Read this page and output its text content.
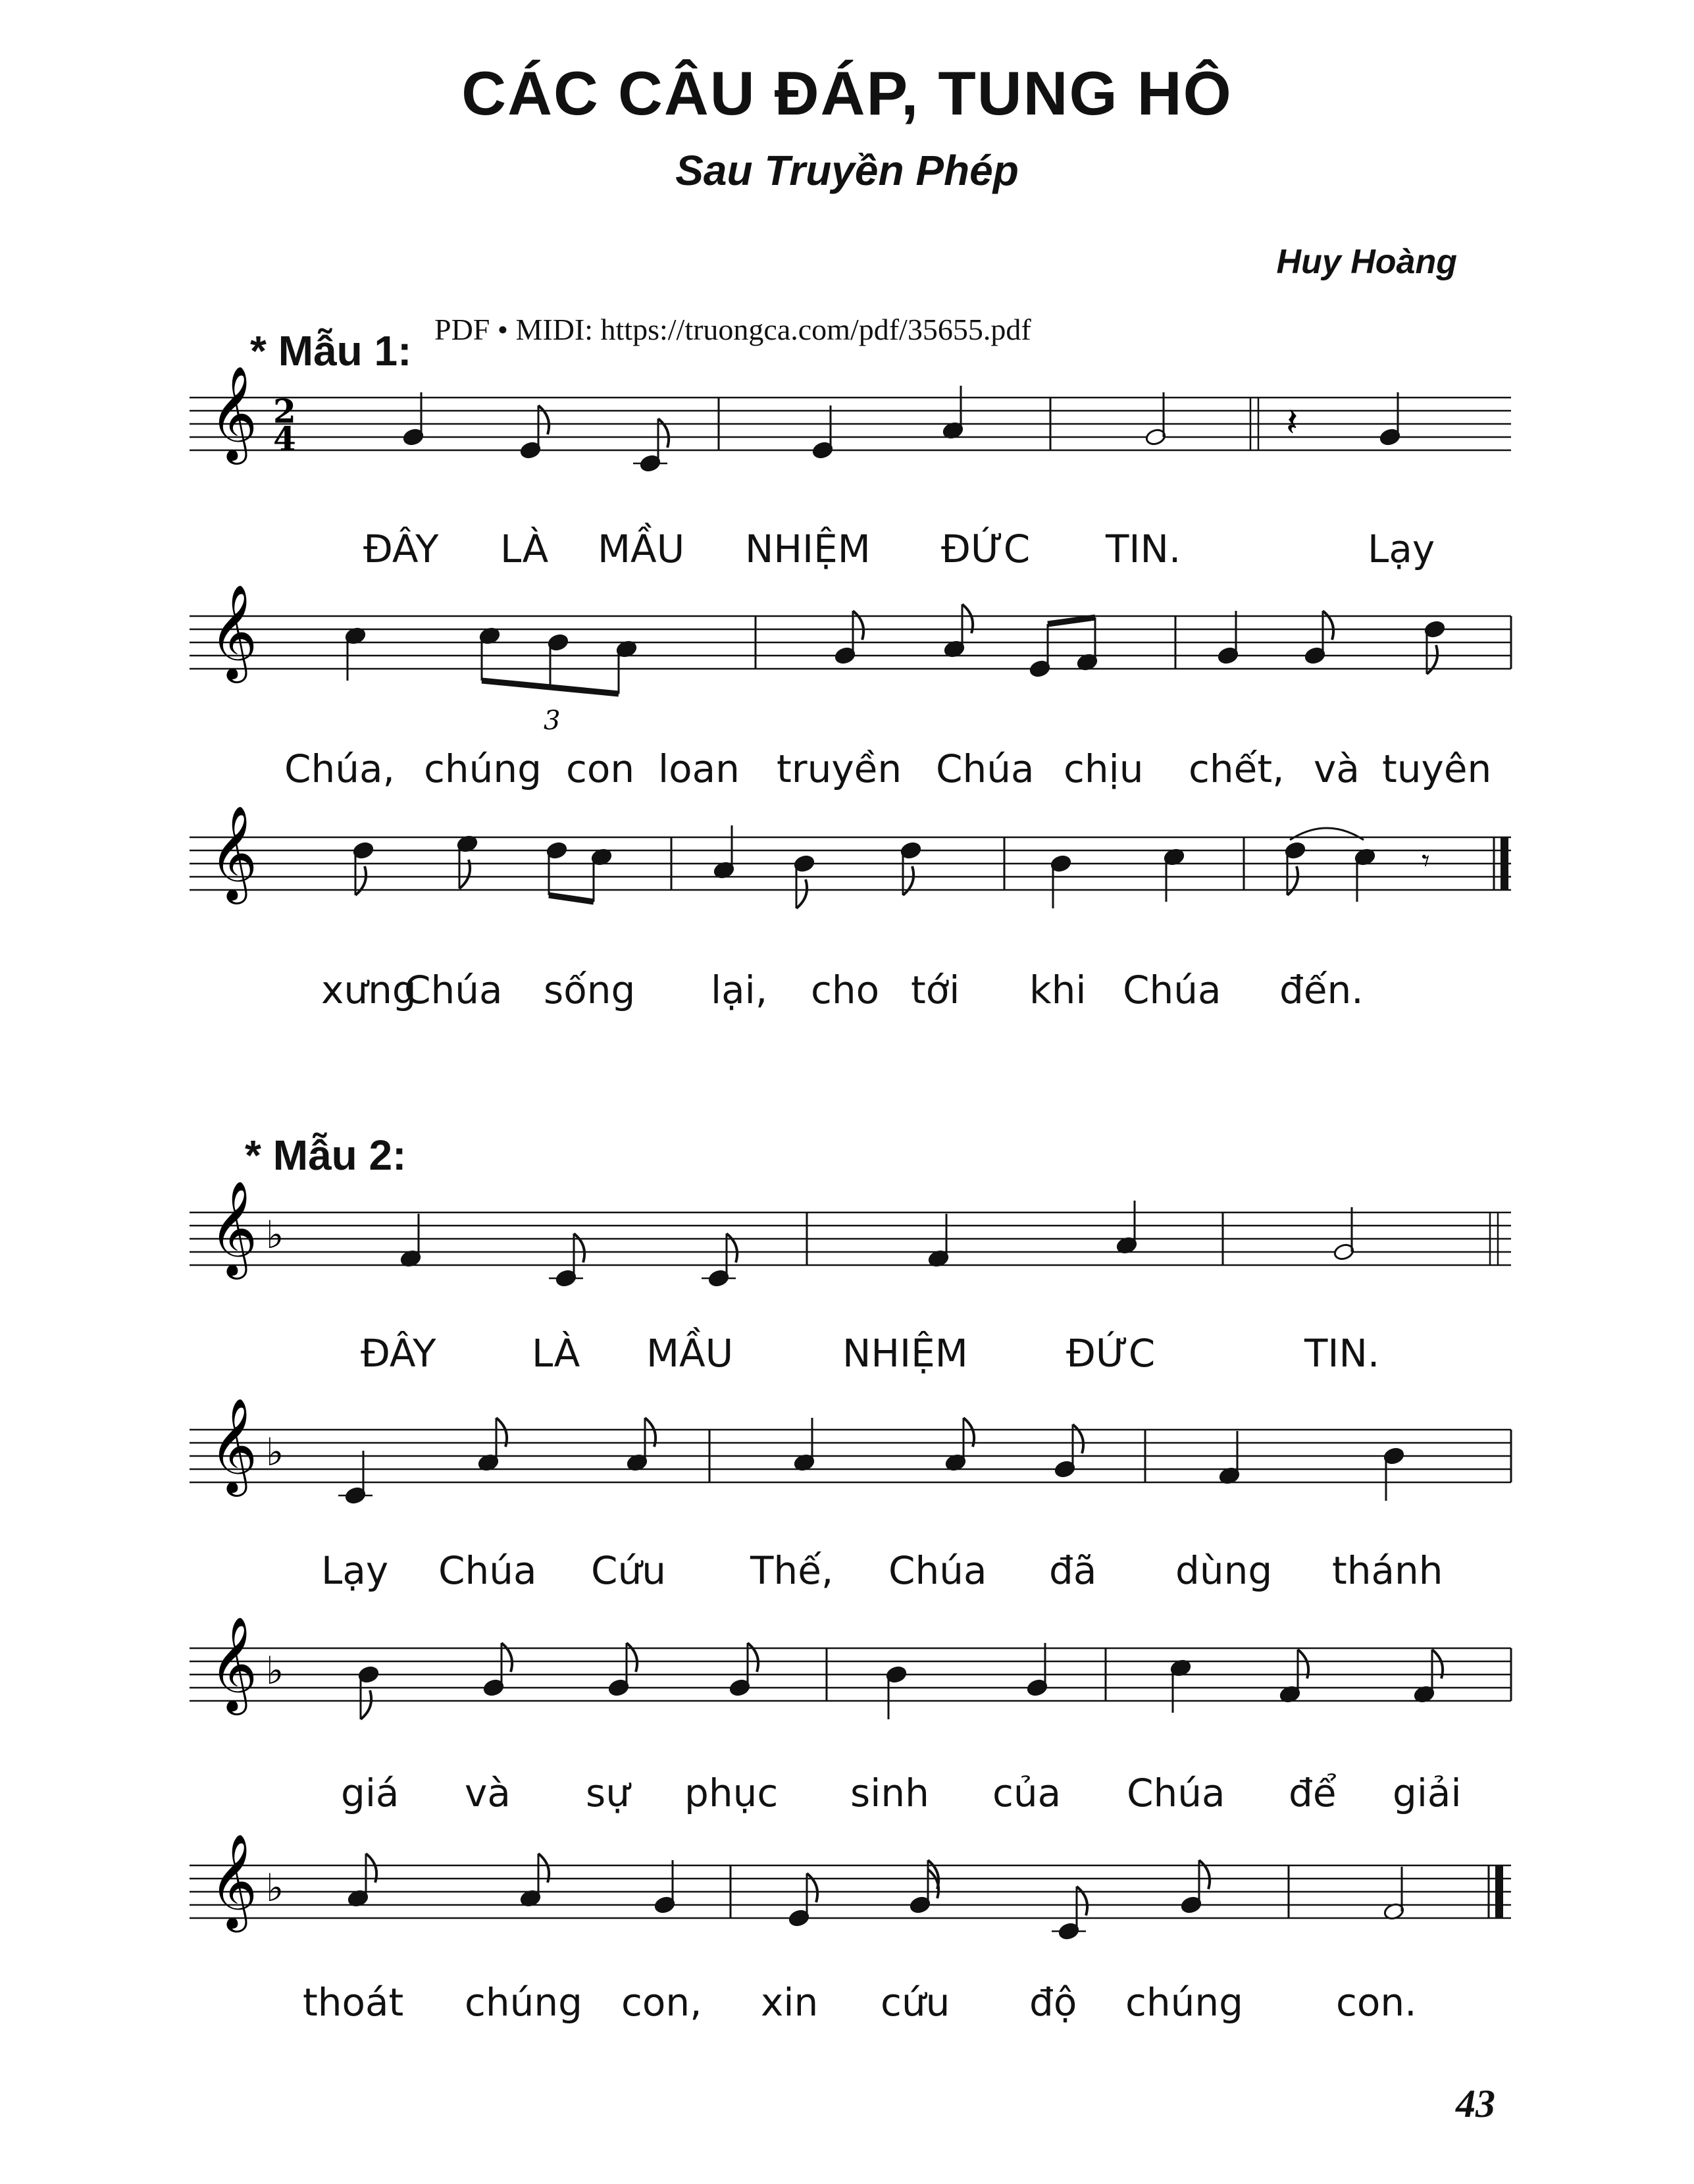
CÁC CÂU ĐÁP, TUNG HÔ
Sau Truyền Phép
Huy Hoàng
PDF • MIDI: https://truongca.com/pdf/35655.pdf
* Mẫu 1:
* Mẫu 2:
𝄞 2
4	𝄽
𝄞
3
𝄞	𝄾
𝄞 ♭
𝄞 ♭
𝄞 ♭
𝄞 ♭
ĐÂY LÀ MẦU NHIỆM ĐỨC TIN.	Lạy
Chúa, chúng con loan truyền Chúa chịu chết, và tuyên
xưng
Chúa sống lại, cho tới khi Chúa đến.
ĐÂY	LÀ MẦU	NHIỆM	ĐỨC	TIN.
Lạy Chúa Cứu Thế, Chúa đã dùng thánh
giá và sự phục sinh của Chúa để giải
thoát chúng con, xin cứu độ chúng con.
43
